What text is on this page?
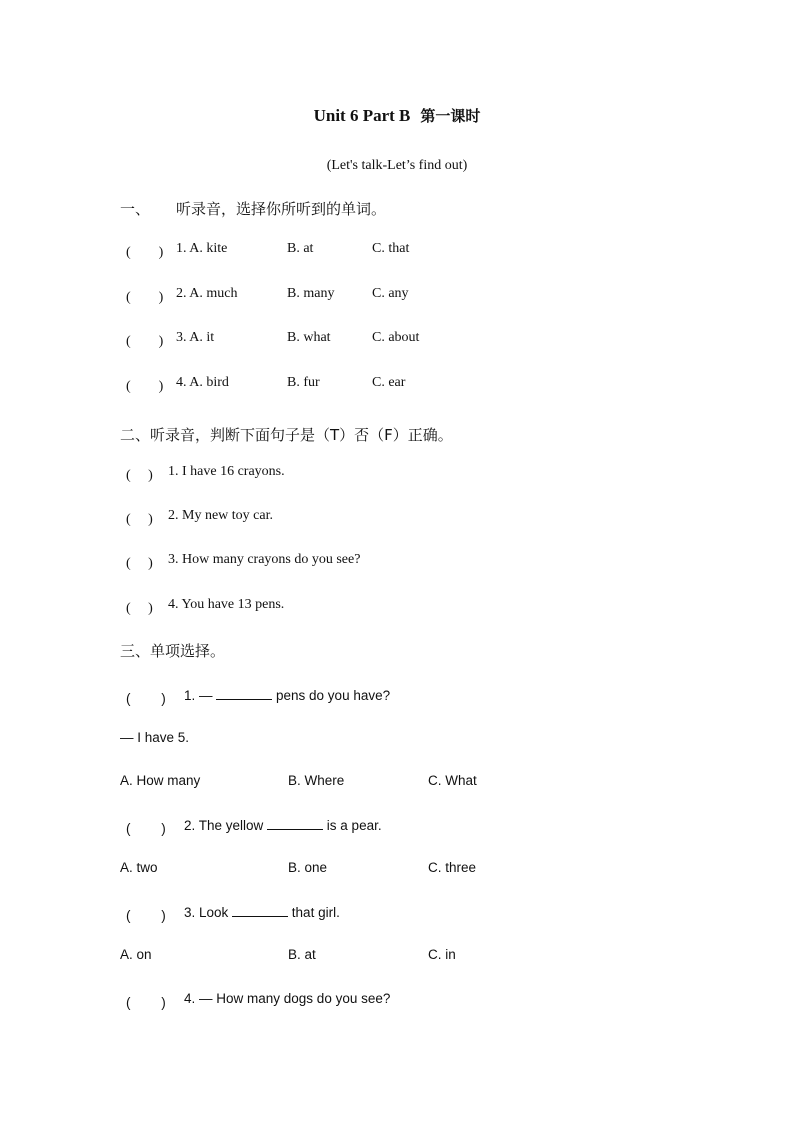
Unit 6 Part B 第一课时
(Let's talk-Let’s find out)
一、 听录音，选择你所听到的单词。
(　　) 1. A. kite	B. at	C. that
(　　) 2. A. much	B. many	C. any
(　　) 3. A. it	B. what	C. about
(　　) 4. A. bird	B. fur	C. ear
二、听录音，判断下面句子是（T）否（F）正确。
(　 ) 1. I have 16 crayons.
(　 ) 2. My new toy car.
(　 ) 3. How many crayons do you see?
(　 ) 4. You have 13 pens.
三、单项选择。
(　　 ) 1. —	pens do you have?
— I have 5.
A. How many	B. Where	C. What
(　　 ) 2. The yellow	is a pear.
A. two	B. one	C. three
(　　 ) 3. Look	that girl.
A. on	B. at	C. in
(　　 ) 4. — How many dogs do you see?
